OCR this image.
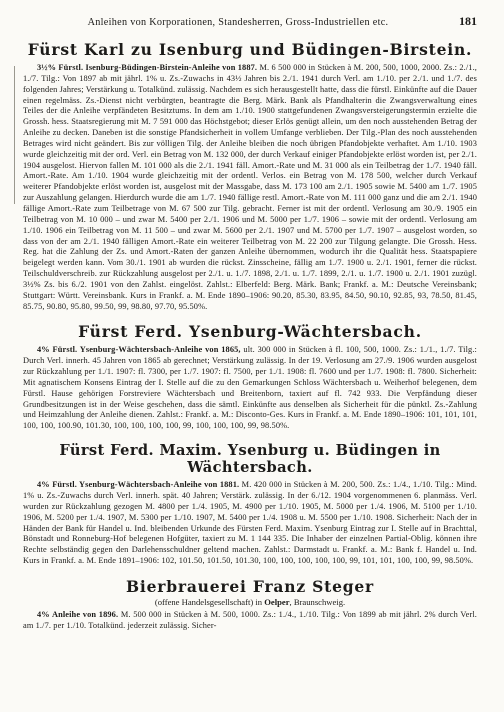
Anleihen von Korporationen, Standesherren, Gross-Industriellen etc.	181
Fürst Karl zu Isenburg und Büdingen-Birstein.

3½% Fürstl. Isenburg-Büdingen-Birstein-Anleihe von 1887. M. 6 500 000 in Stücken à M. 200, 500, 1000, 2000. Zs.: 2./1., 1./7. Tilg.: Von 1897 ab mit jährl. 1% u. Zs.-Zuwachs in 43½ Jahren bis 2./1. 1941 durch Verl. am 1./10. per 2./1. und 1./7. des folgenden Jahres; Verstärkung u. Totalkünd. zulässig. Nachdem es sich herausgestellt hatte, dass die fürstl. Einkünfte auf die Dauer einen regelmäss. Zs.-Dienst nicht verbürgten, beantragte die Berg. Märk. Bank als Pfandhalterin die Zwangsverwaltung eines Teiles der die Anleihe verpfändeten Besitztums. In dem am 1./10. 1900 stattgefundenen Zwangsversteigerungstermin erzielte die Grossh. hess. Staatsregierung mit M. 7 591 000 das Höchstgebot; dieser Erlös genügt allein, um den noch ausstehenden Betrag der Anleihe zu decken. Daneben ist die sonstige Pfandsicherheit in vollem Umfange verblieben. Der Tilg.-Plan des noch ausstehenden Betrages wird nicht geändert. Bis zur völligen Tilg. der Anleihe bleiben die noch übrigen Pfandobjekte verhaftet. Am 1./10. 1903 wurde gleichzeitig mit der ord. Verl. ein Betrag von M. 132 000, der durch Verkauf einiger Pfandobjekte erlöst worden ist, per 2./1. 1904 ausgelost. Hiervon fallen M. 101 000 als die 2./1. 1941 fäll. Amort.-Rate und M. 31 000 als ein Teilbetrag der 1./7. 1940 fäll. Amort.-Rate. Am 1./10. 1904 wurde gleichzeitig mit der ordentl. Verlos. ein Betrag von M. 178 500, welcher durch Verkauf weiterer Pfandobjekte erlöst worden ist, ausgelost mit der Massgabe, dass M. 173 100 am 2./1. 1905 sowie M. 5400 am 1./7. 1905 zur Auszahlung gelangen. Hierdurch wurde die am 1./7. 1940 fällige restl. Amort.-Rate von M. 111 000 ganz und die am 2./1. 1940 fällige Amort.-Rate zum Teilbetrage von M. 67 500 zur Tilg. gebracht. Ferner ist mit der ordentl. Verlosung am 30./9. 1905 ein Teilbetrag von M. 10 000 – und zwar M. 5400 per 2./1. 1906 und M. 5000 per 1./7. 1906 – sowie mit der ordentl. Verlosung am 1./10. 1906 ein Teilbetrag von M. 11 500 – und zwar M. 5600 per 2./1. 1907 und M. 5700 per 1./7. 1907 – ausgelost worden, so dass von der am 2./1. 1940 fälligen Amort.-Rate ein weiterer Teilbetrag von M. 22 200 zur Tilgung gelangte. Die Grossh. Hess. Reg. hat die Zahlung der Zs. und Amort.-Raten der ganzen Anleihe übernommen, wodurch ihr die Qualität hess. Staatspapiere beigelegt werden kann. Vom 30./1. 1901 ab wurden die rückst. Zinsscheine, fällig am 1./7. 1900 u. 2./1. 1901, ferner die rückst. Teilschuldverschreib. zur Rückzahlung ausgelost per 2./1. u. 1./7. 1898, 2./1. u. 1./7. 1899, 2./1. u. 1./7. 1900 u. 2./1. 1901 zuzügl. 3½% Zs. bis 6./2. 1901 von den Zahlst. eingelöst. Zahlst.: Elberfeld: Berg. Märk. Bank; Frankf. a. M.: Deutsche Vereinsbank; Stuttgart: Württ. Vereinsbank. Kurs in Frankf. a. M. Ende 1890–1906: 90.20, 85.30, 83.95, 84.50, 90.10, 92.85, 93, 78.50, 81.45, 85.75, 90.80, 95.80, 99.50, 99, 98.80, 97.70, 95.50%.

Fürst Ferd. Ysenburg-Wächtersbach.

4% Fürstl. Ysenburg-Wächtersbach-Anleihe von 1865, ult. 300 000 in Stücken à fl. 100, 500, 1000. Zs.: 1./1., 1./7. Tilg.: Durch Verl. innerh. 45 Jahren von 1865 ab gerechnet; Verstärkung zulässig. In der 19. Verlosung am 27./9. 1906 wurden ausgelost zur Rückzahlung per 1./1. 1907: fl. 7300, per 1./7. 1907: fl. 7500, per 1./1. 1908: fl. 7600 und per 1./7. 1908: fl. 7800. Sicherheit: Mit agnatischem Konsens Eintrag der I. Stelle auf die zu den Gemarkungen Schloss Wächtersbach u. Weiherhof belegenen, dem Fürstl. Hause gehörigen Forstreviere Wächtersbach und Breitenborn, taxiert auf fl. 742 933. Die Verpfändung dieser Grundbesitzungen ist in der Weise geschehen, dass die sämtl. Einkünfte aus denselben als Sicherheit für die pünktl. Zs.-Zahlung und Heimzahlung der Anleihe dienen. Zahlst.: Frankf. a. M.: Disconto-Ges. Kurs in Frankf. a. M. Ende 1890–1906: 101, 101, 101, 100, 100, 100.90, 101.30, 100, 100, 100, 100, 99, 100, 100, 100, 99, 98.50%.

Fürst Ferd. Maxim. Ysenburg u. Büdingen in Wächtersbach.

4% Fürstl. Ysenburg-Wächtersbach-Anleihe von 1881. M. 420 000 in Stücken à M. 200, 500. Zs.: 1./4., 1./10. Tilg.: Mind. 1% u. Zs.-Zuwachs durch Verl. innerh. spät. 40 Jahren; Verstärk. zulässig. In der 6./12. 1904 vorgenommenen 6. planmäss. Verl. wurden zur Rückzahlung gezogen M. 4800 per 1./4. 1905, M. 4900 per 1./10. 1905, M. 5000 per 1./4. 1906, M. 5100 per 1./10. 1906, M. 5200 per 1./4. 1907, M. 5300 per 1./10. 1907, M. 5400 per 1./4. 1908 u. M. 5500 per 1./10. 1908. Sicherheit: Nach der in Händen der Bank für Handel u. Ind. bleibenden Urkunde des Fürsten Ferd. Maxim. Ysenburg Eintrag zur I. Stelle auf in Brachttal, Bönstadt und Ronneburg-Hof belegenen Hofgüter, taxiert zu M. 1 144 335. Die Inhaber der einzelnen Partial-Oblig. können ihre Rechte selbständig gegen den Darlehensschuldner geltend machen. Zahlst.: Darmstadt u. Frankf. a. M.: Bank f. Handel u. Ind. Kurs in Frankf. a. M. Ende 1891–1906: 102, 101.50, 101.50, 101.30, 100, 100, 100, 100, 100, 99, 101, 101, 100, 100, 99, 98.50%.

Bierbrauerei Franz Steger

(offene Handelsgesellschaft) in Oelper, Braunschweig.

4% Anleihe von 1896. M. 500 000 in Stücken à M. 500, 1000. Zs.: 1./4., 1./10. Tilg.: Von 1899 ab mit jährl. 2% durch Verl. am 1./7. per 1./10. Totalkünd. jederzeit zulässig. Sicher-
